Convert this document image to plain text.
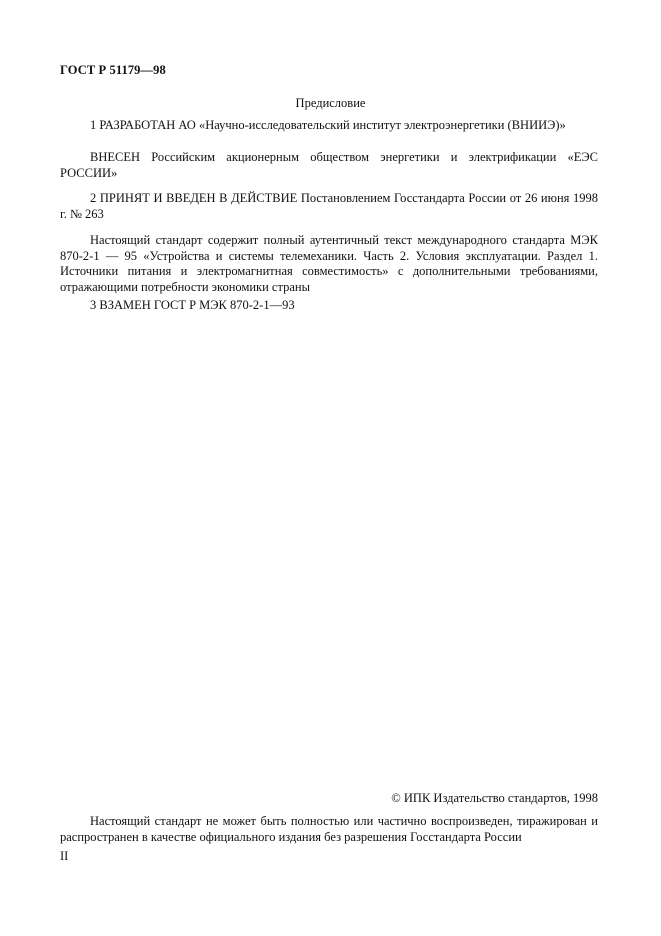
ГОСТ Р 51179—98
Предисловие

1 РАЗРАБОТАН АО «Научно-исследовательский институт электроэнергетики (ВНИИЭ)»

ВНЕСЕН Российским акционерным обществом энергетики и электрификации «ЕЭС РОССИИ»

2 ПРИНЯТ И ВВЕДЕН В ДЕЙСТВИЕ Постановлением Госстандарта России от 26 июня 1998 г. № 263

Настоящий стандарт содержит полный аутентичный текст международного стандарта МЭК 870-2-1 — 95 «Устройства и системы телемеханики. Часть 2. Условия эксплуатации. Раздел 1. Источники питания и электромагнитная совместимость» с дополнительными требованиями, отражающими потребности экономики страны

3 ВЗАМЕН ГОСТ Р МЭК 870-2-1—93

© ИПК Издательство стандартов, 1998

Настоящий стандарт не может быть полностью или частично воспроизведен, тиражирован и распространен в качестве официального издания без разрешения Госстандарта России

II
